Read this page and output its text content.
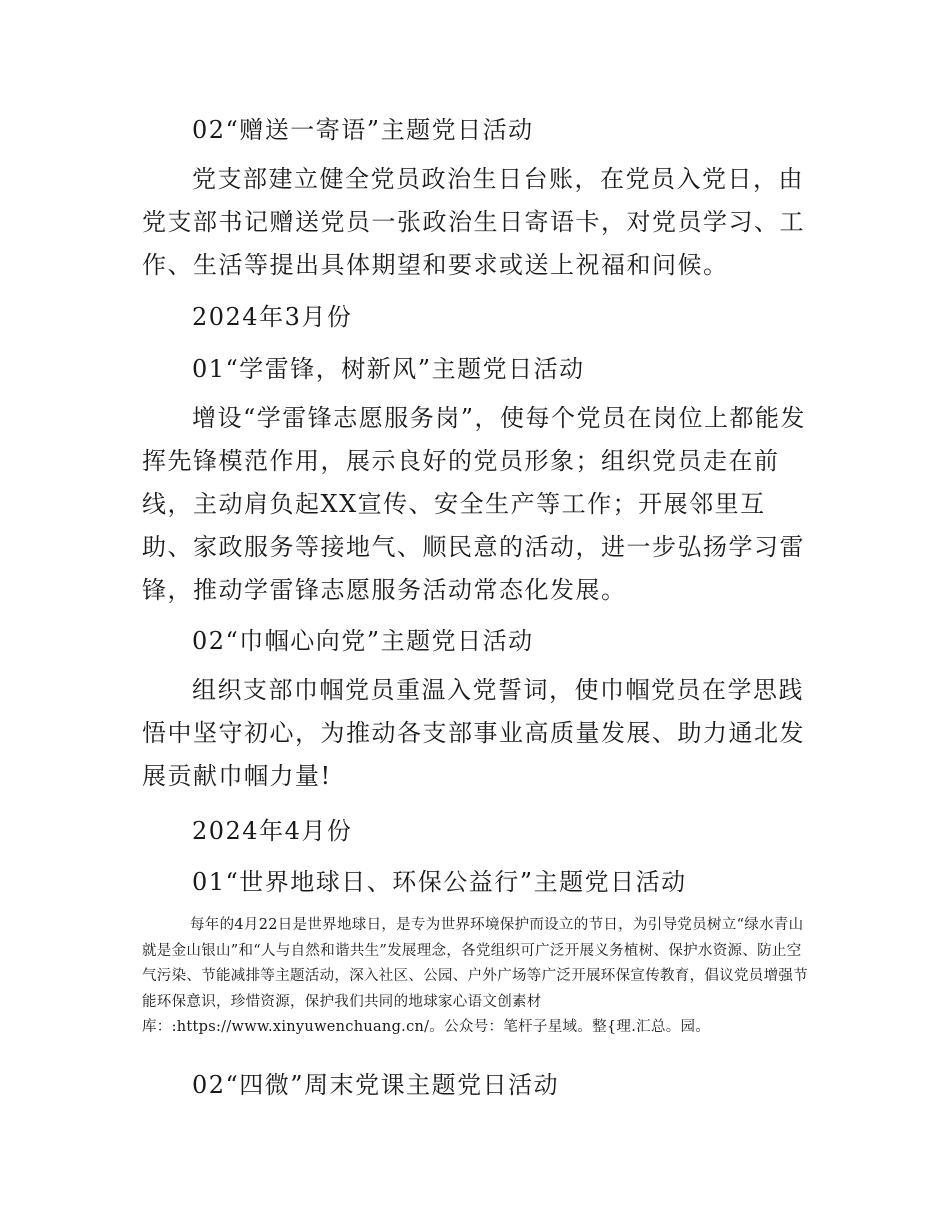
02“赠送一寄语”主题党日活动

党支部建立健全党员政治生日台账，在党员入党日，由党支部书记赠送党员一张政治生日寄语卡，对党员学习、工作、生活等提出具体期望和要求或送上祝福和问候。

2024年3月份

01“学雷锋，树新风”主题党日活动

增设“学雷锋志愿服务岗”，使每个党员在岗位上都能发挥先锋模范作用，展示良好的党员形象；组织党员走在前线，主动肩负起XX宣传、安全生产等工作；开展邻里互助、家政服务等接地气、顺民意的活动，进一步弘扬学习雷锋，推动学雷锋志愿服务活动常态化发展。

02“巾帼心向党”主题党日活动

组织支部巾帼党员重温入党誓词，使巾帼党员在学思践悟中坚守初心，为推动各支部事业高质量发展、助力通北发展贡献巾帼力量!

2024年4月份

01“世界地球日、环保公益行”主题党日活动

每年的4月22日是世界地球日，是专为世界环境保护而设立的节日，为引导党员树立“绿水青山就是金山银山”和“人与自然和谐共生”发展理念，各党组织可广泛开展义务植树、保护水资源、防止空气污染、节能减排等主题活动，深入社区、公园、户外广场等广泛开展环保宣传教育，倡议党员增强节能环保意识，珍惜资源，保护我们共同的地球家心语文创素材库：:https://www.xinyuwenchuang.cn/。公众号：笔杆子星域。整{理.汇总。园。

02“四微”周末党课主题党日活动
